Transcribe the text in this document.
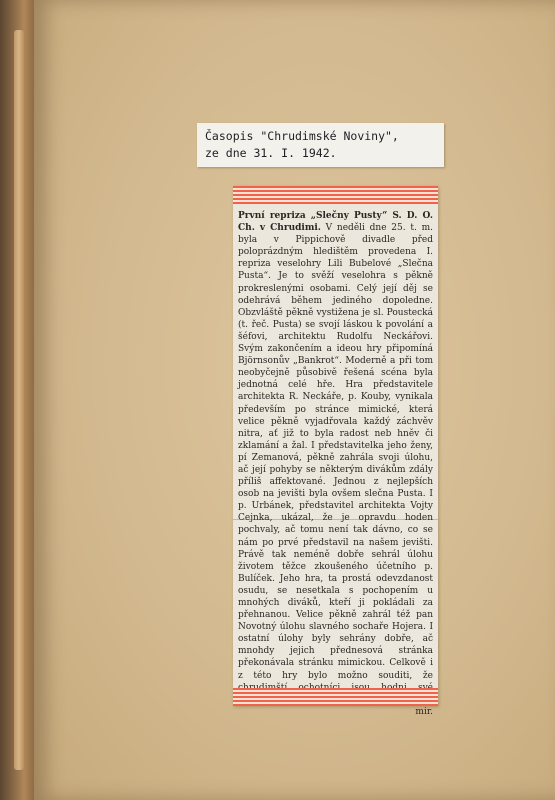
Časopis "Chrudimské Noviny",
ze dne 31. I. 1942.
První repriza „Slečny Pusty“ S. D. O. Ch. v Chrudimi. V neděli dne 25. t. m. byla v Pippichově divadle před poloprázdným hledištěm provedena I. repriza veselohry Lili Bubelové „Slečna Pusta“. Je to svěží veselohra s pěkně prokreslenými osobami. Celý její děj se odehrává během jediného dopoledne. Obzvláště pěkně vystižena je sl. Poustecká (t. řeč. Pusta) se svojí láskou k povolání a šéfovi, architektu Rudolfu Neckářovi. Svým zakončením a ideou hry připomíná Björnsonův „Bankrot“. Moderně a při tom neobyčejně působivě řešená scéna byla jednotná celé hře. Hra představitele architekta R. Neckáře, p. Kouby, vynikala především po stránce mimické, která velice pěkně vyjadřovala každý záchvěv nitra, ať již to byla radost neb hněv či zklamání a žal. I představitelka jeho ženy, pí Zemanová, pěkně zahrála svoji úlohu, ač její pohyby se některým divákům zdály příliš affektované. Jednou z nejlepších osob na jevišti byla ovšem slečna Pusta. I p. Urbánek, představitel architekta Vojty Cejnka, ukázal, že je opravdu hoden pochvaly, ač tomu není tak dávno, co se nám po prvé představil na našem jevišti. Právě tak neméně dobře sehrál úlohu životem těžce zkoušeného účetního p. Bulíček. Jeho hra, ta prostá odevzdanost osudu, se nesetkala s pochopením u mnohých diváků, kteří ji pokládali za přehnanou. Velice pěkně zahrál též pan Novotný úlohu slavného sochaře Hojera. I ostatní úlohy byly sehrány dobře, ač mnohdy jejich přednesová stránka překonávala stránku mimickou. Celkově i z této hry bylo možno souditi, že

mir.
